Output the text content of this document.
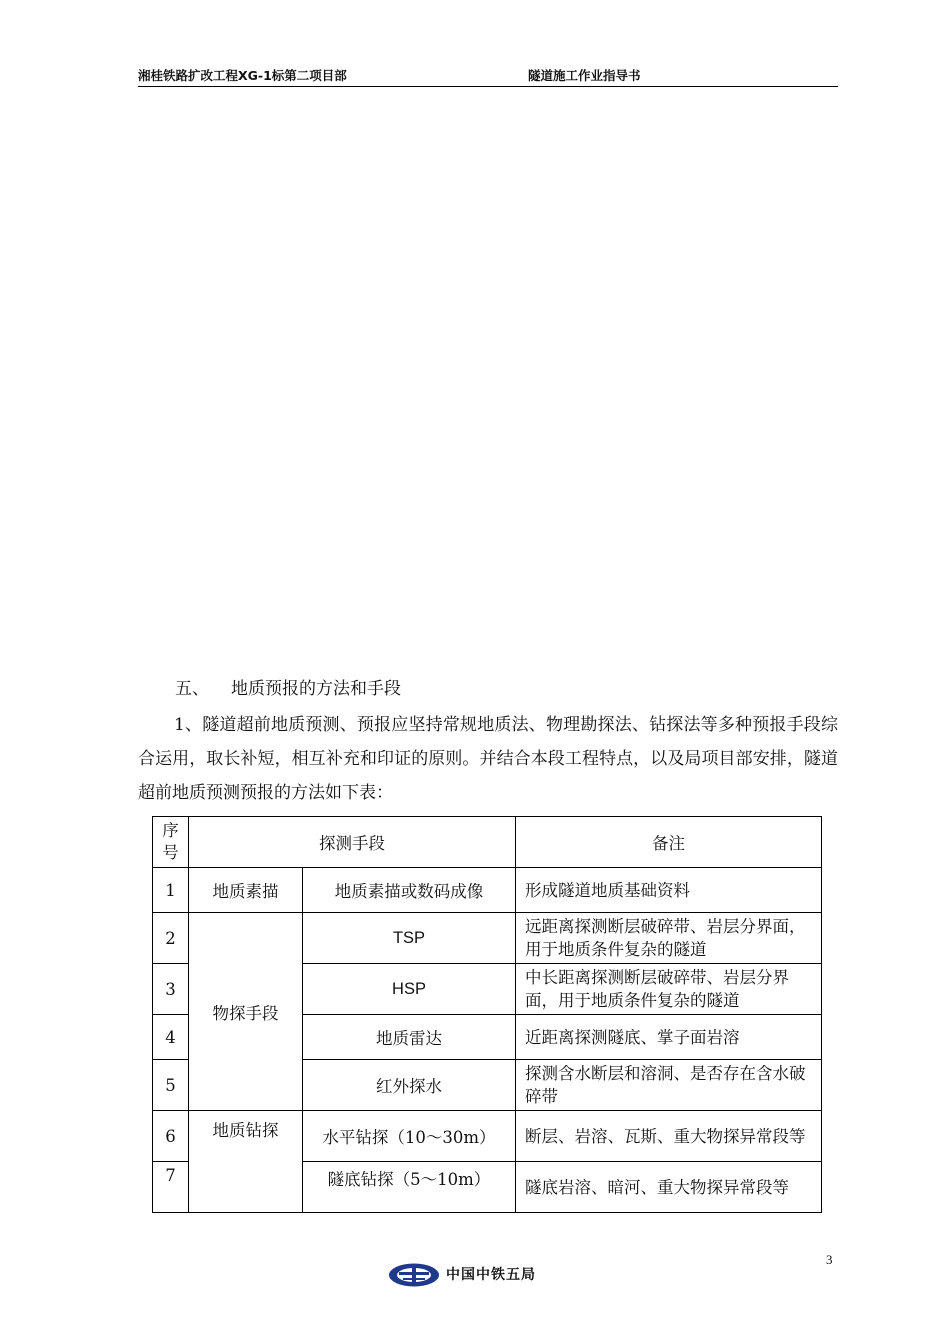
湘桂铁路扩改工程XG-1标第二项目部	隧道施工作业指导书
五、 地质预报的方法和手段
1、隧道超前地质预测、预报应坚持常规地质法、物理勘探法、钻探法等多种预报手段综合运用，取长补短，相互补充和印证的原则。并结合本段工程特点，以及局项目部安排，隧道超前地质预测预报的方法如下表：
序号	探测手段		备注
1	地质素描	地质素描或数码成像	形成隧道地质基础资料
2	物探手段	TSP	远距离探测断层破碎带、岩层分界面，用于地质条件复杂的隧道
3		HSP	中长距离探测断层破碎带、岩层分界面，用于地质条件复杂的隧道
4		地质雷达	近距离探测隧底、掌子面岩溶
5		红外探水	探测含水断层和溶洞、是否存在含水破碎带
6	地质钻探	水平钻探（10～30m）	断层、岩溶、瓦斯、重大物探异常段等
7		隧底钻探（5～10m）	隧底岩溶、暗河、重大物探异常段等
3
中国中铁五局
